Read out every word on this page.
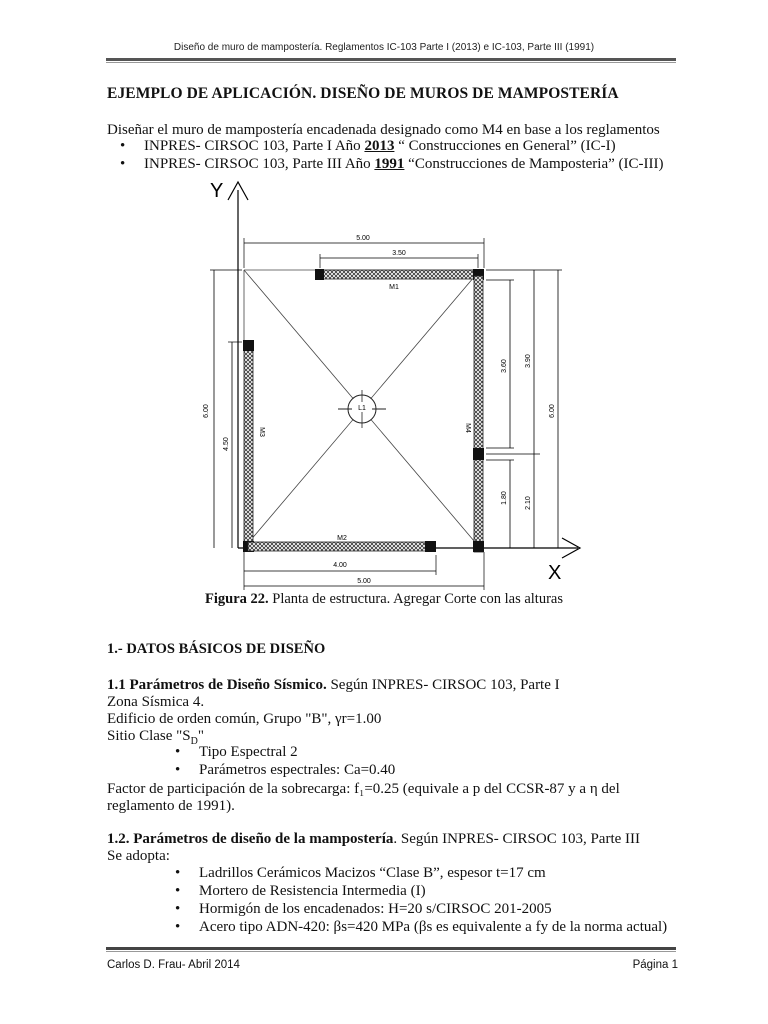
Diseño de muro de mampostería. Reglamentos IC-103 Parte I (2013) e IC-103, Parte III (1991)
EJEMPLO DE APLICACIÓN. DISEÑO DE MUROS DE MAMPOSTERÍA
Diseñar el muro de mampostería encadenada designado como M4 en base a los reglamentos
• INPRES- CIRSOC 103, Parte I Año 2013 “ Construcciones en General” (IC-I)
• INPRES- CIRSOC 103, Parte III Año 1991 “Construcciones de Mamposteria” (IC-III)
Y
X
L1
M1
M3
M2
M4
5.00
3.50
4.00
5.00
6.00
4.50
3.60
1.80
3.90
2.10
6.00
Figura 22. Planta de estructura. Agregar Corte con las alturas
1.- DATOS BÁSICOS DE DISEÑO
1.1 Parámetros de Diseño Sísmico. Según INPRES- CIRSOC 103, Parte I
Zona Sísmica 4.
Edificio de orden común, Grupo "B", γr=1.00
Sitio Clase "$S_D$"
• Tipo Espectral 2
• Parámetros espectrales: Ca=0.40
Factor de participación de la sobrecarga: f₁=0.25 (equivale a p del CCSR-87 y a η del
reglamento de 1991).
1.2. Parámetros de diseño de la mampostería. Según INPRES- CIRSOC 103, Parte III
Se adopta:
• Ladrillos Cerámicos Macizos “Clase B”, espesor t=17 cm
• Mortero de Resistencia Intermedia (I)
• Hormigón de los encadenados: H=20 s/CIRSOC 201-2005
• Acero tipo ADN-420: βs=420 MPa (βs es equivalente a fy de la norma actual)
Carlos D. Frau- Abril 2014	Página 1
